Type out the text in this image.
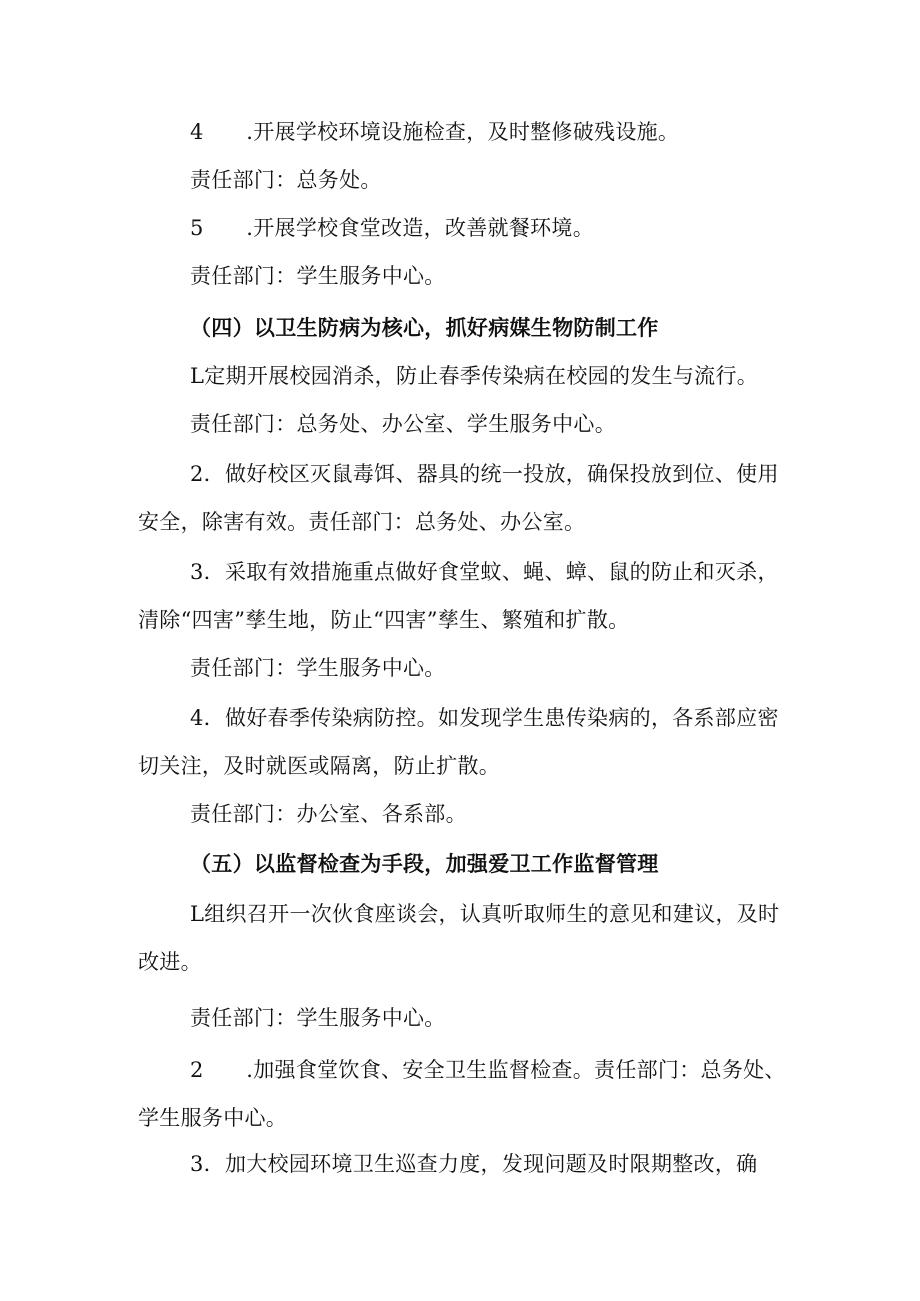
4　　.开展学校环境设施检查，及时整修破残设施。

责任部门：总务处。

5　　.开展学校食堂改造，改善就餐环境。

责任部门：学生服务中心。

（四）以卫生防病为核心，抓好病媒生物防制工作

L定期开展校园消杀，防止春季传染病在校园的发生与流行。

责任部门：总务处、办公室、学生服务中心。

2．做好校区灭鼠毒饵、器具的统一投放，确保投放到位、使用安全，除害有效。责任部门：总务处、办公室。

3．采取有效措施重点做好食堂蚊、蝇、蟑、鼠的防止和灭杀，清除“四害”孳生地，防止“四害”孳生、繁殖和扩散。

责任部门：学生服务中心。

4．做好春季传染病防控。如发现学生患传染病的，各系部应密切关注，及时就医或隔离，防止扩散。

责任部门：办公室、各系部。

（五）以监督检查为手段，加强爱卫工作监督管理

L组织召开一次伙食座谈会，认真听取师生的意见和建议，及时改进。

责任部门：学生服务中心。

2　　.加强食堂饮食、安全卫生监督检查。责任部门：总务处、学生服务中心。

3．加大校园环境卫生巡查力度，发现问题及时限期整改，确
